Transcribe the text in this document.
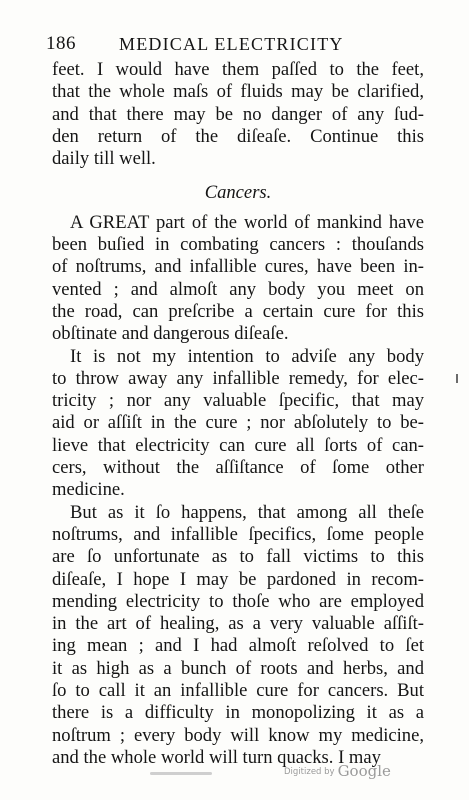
186 MEDICAL ELECTRICITY
feet. I would have them paſſed to the feet,
that the whole maſs of fluids may be clarified,
and that there may be no danger of any ſud-
den return of the diſeaſe. Continue this
daily till well.
Cancers.
A GREAT part of the world of mankind have
been buſied in combating cancers : thouſands
of noſtrums, and infallible cures, have been in-
vented ; and almoſt any body you meet on
the road, can preſcribe a certain cure for this
obſtinate and dangerous diſeaſe.
It is not my intention to adviſe any body
to throw away any infallible remedy, for elec-
tricity ; nor any valuable ſpecific, that may
aid or aſſiſt in the cure ; nor abſolutely to be-
lieve that electricity can cure all ſorts of can-
cers, without the aſſiſtance of ſome other
medicine.
But as it ſo happens, that among all theſe
noſtrums, and infallible ſpecifics, ſome people
are ſo unfortunate as to fall victims to this
diſeaſe, I hope I may be pardoned in recom-
mending electricity to thoſe who are employed
in the art of healing, as a very valuable aſſiſt-
ing mean ; and I had almoſt reſolved to ſet
it as high as a bunch of roots and herbs, and
ſo to call it an infallible cure for cancers. But
there is a difficulty in monopolizing it as a
noſtrum ; every body will know my medicine,
and the whole world will turn quacks. I may
Digitized by Google
